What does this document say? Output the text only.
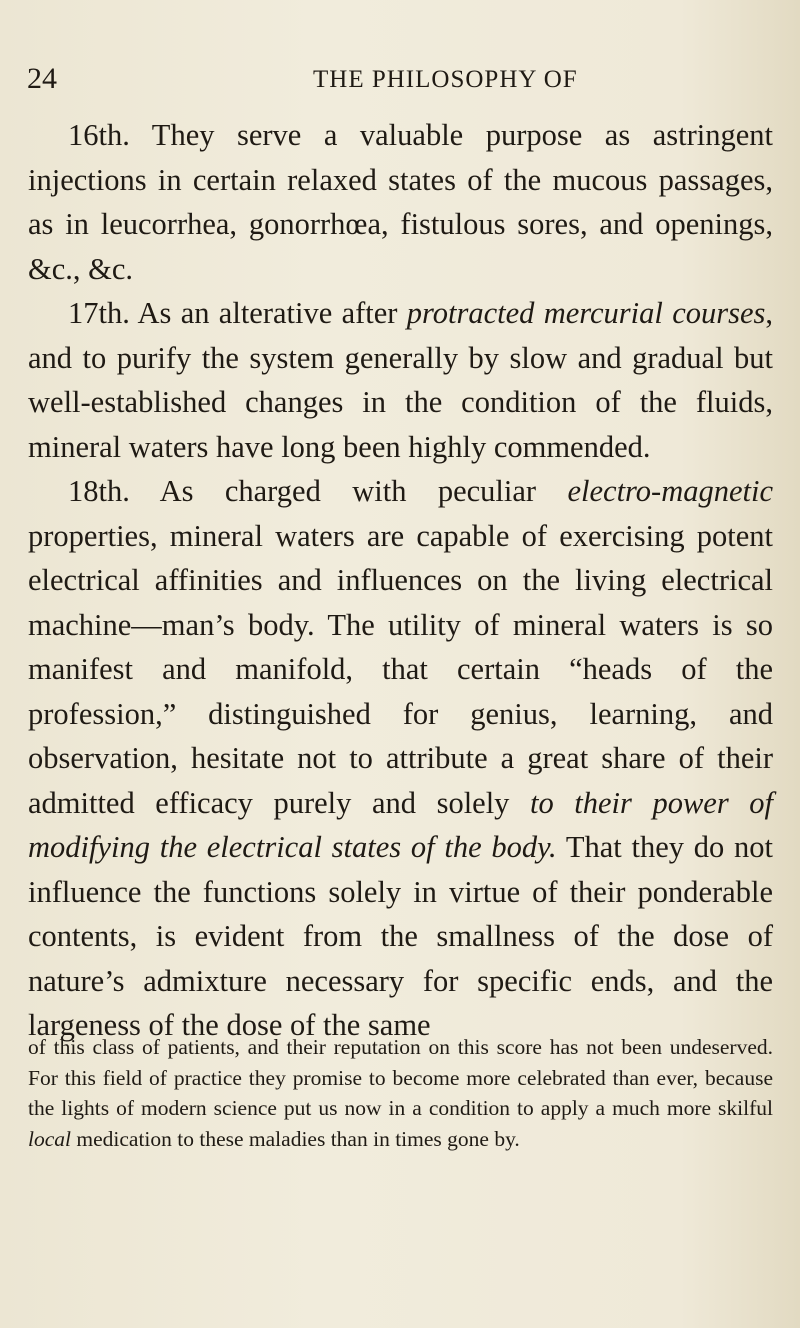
24	THE PHILOSOPHY OF

16th. They serve a valuable purpose as astringent injections in certain relaxed states of the mucous passages, as in leucorrhea, gonorrhœa, fistulous sores, and openings, &c., &c.

17th. As an alterative after protracted mercurial courses, and to purify the system generally by slow and gradual but well-established changes in the condition of the fluids, mineral waters have long been highly commended.

18th. As charged with peculiar electro-magnetic properties, mineral waters are capable of exercising potent electrical affinities and influences on the living electrical machine—man’s body. The utility of mineral waters is so manifest and manifold, that certain “heads of the profession,” distinguished for genius, learning, and observation, hesitate not to attribute a great share of their admitted efficacy purely and solely to their power of modifying the electrical states of the body. That they do not influence the functions solely in virtue of their ponderable contents, is evident from the smallness of the dose of nature’s admixture necessary for specific ends, and the largeness of the dose of the same

of this class of patients, and their reputation on this score has not been undeserved. For this field of practice they promise to become more celebrated than ever, because the lights of modern science put us now in a condition to apply a much more skilful local medication to these maladies than in times gone by.
